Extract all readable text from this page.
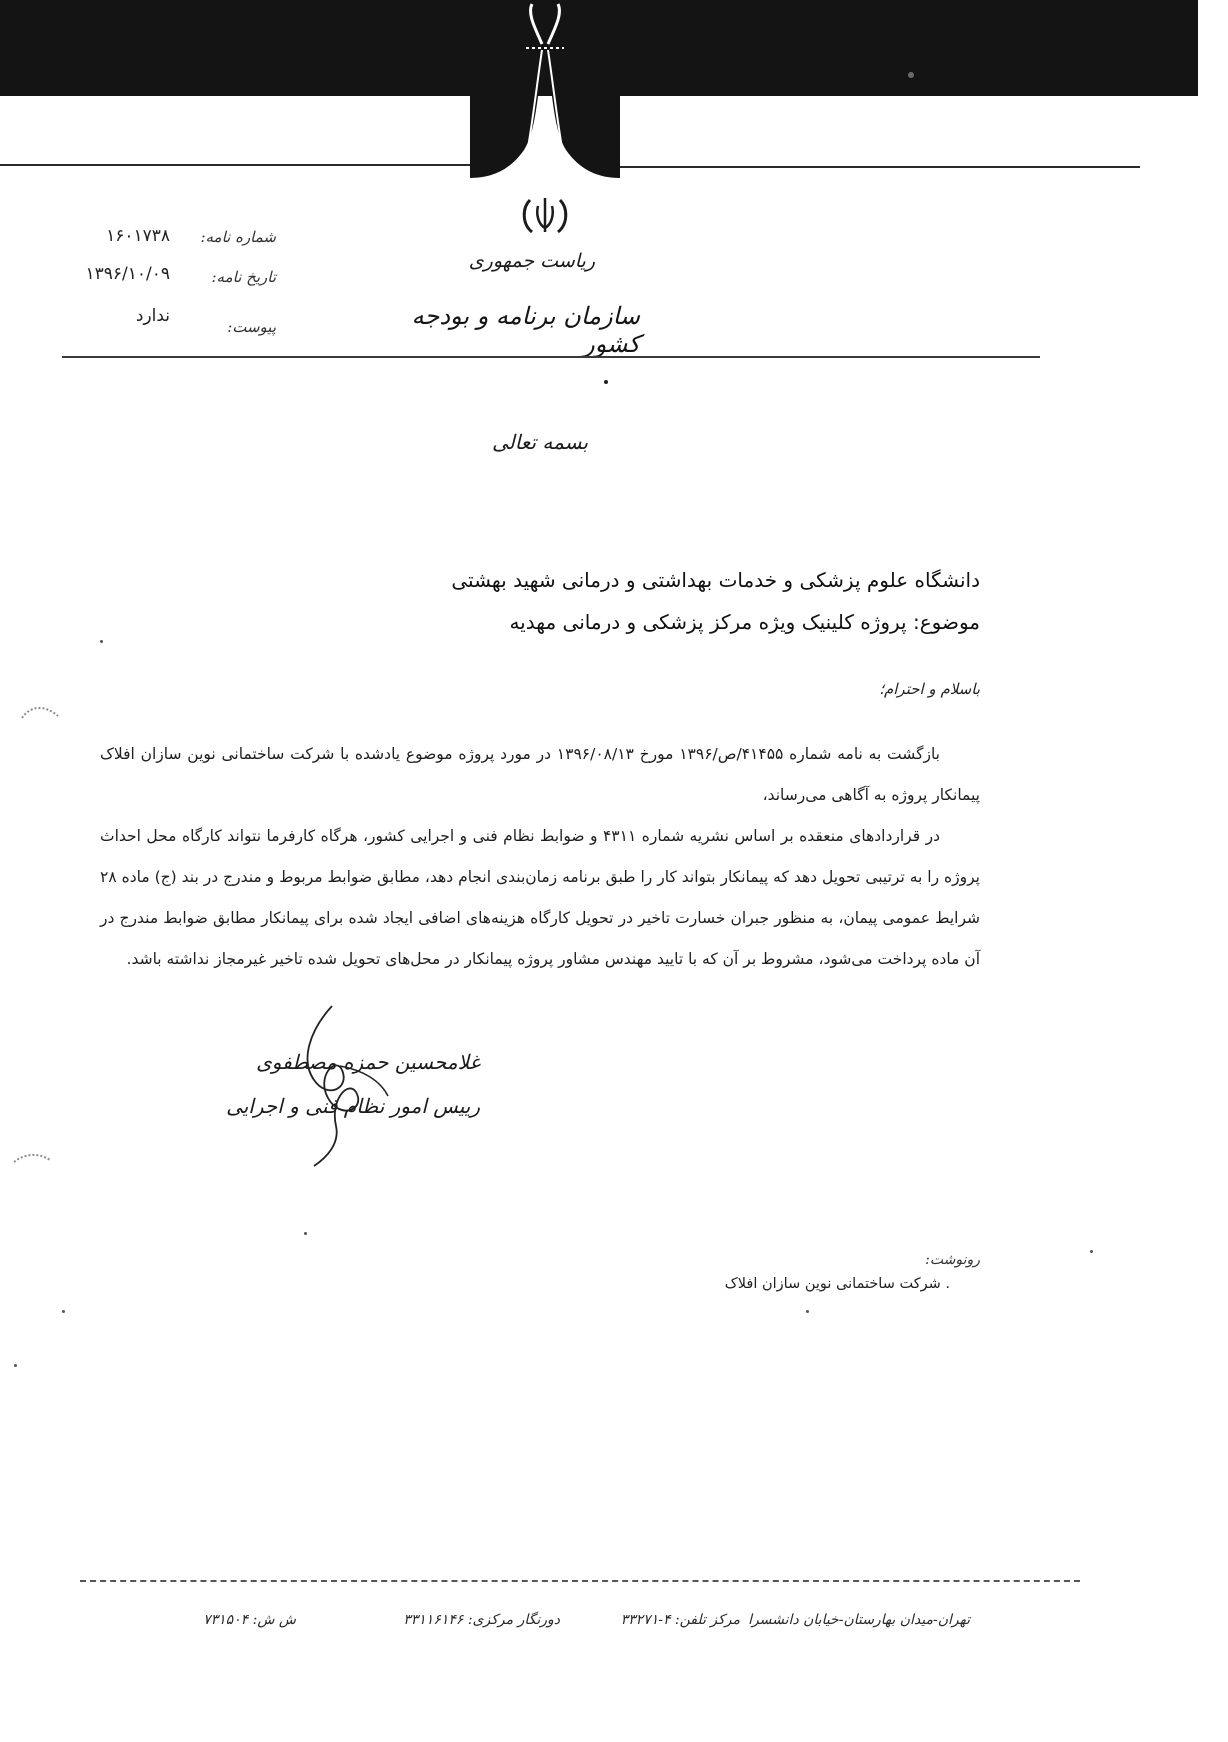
شماره نامه:
۱۶۰۱۷۳۸
تاریخ نامه:
۱۳۹۶/۱۰/۰۹
پیوست:
ندارد
ریاست جمهوری
سازمان برنامه و بودجه کشور
بسمه تعالی
دانشگاه علوم پزشکی و خدمات بهداشتی و درمانی شهید بهشتی
موضوع: پروژه کلینیک ویژه مرکز پزشکی و درمانی مهدیه
باسلام و احترام؛

بازگشت به نامه شماره ۴۱۴۵۵/ص/۱۳۹۶ مورخ ۱۳۹۶/۰۸/۱۳ در مورد پروژه موضوع یادشده با شرکت ساختمانی نوین سازان افلاک پیمانکار پروژه به آگاهی می‌رساند،

در قراردادهای منعقده بر اساس نشریه شماره ۴۳۱۱ و ضوابط نظام فنی و اجرایی کشور، هرگاه کارفرما نتواند کارگاه محل احداث پروژه را به ترتیبی تحویل دهد که پیمانکار بتواند کار را طبق برنامه زمان‌بندی انجام دهد، مطابق ضوابط مربوط و مندرج در بند (ج) ماده ۲۸ شرایط عمومی پیمان، به منظور جبران خسارت تاخیر در تحویل کارگاه هزینه‌های اضافی ایجاد شده برای پیمانکار مطابق ضوابط مندرج در آن ماده پرداخت می‌شود، مشروط بر آن که با تایید مهندس مشاور پروژه پیمانکار در محل‌های تحویل شده تاخیر غیرمجاز نداشته باشد.

غلامحسین حمزه مصطفوی
رییس امور نظام فنی و اجرایی
رونوشت:
. شرکت ساختمانی نوین سازان افلاک
تهران-میدان بهارستان-خیابان دانشسرا
مرکز تلفن: ۴-۳۳۲۷۱
دورنگار مرکزی: ۳۳۱۱۶۱۴۶
ش ش: ۷۳۱۵۰۴
